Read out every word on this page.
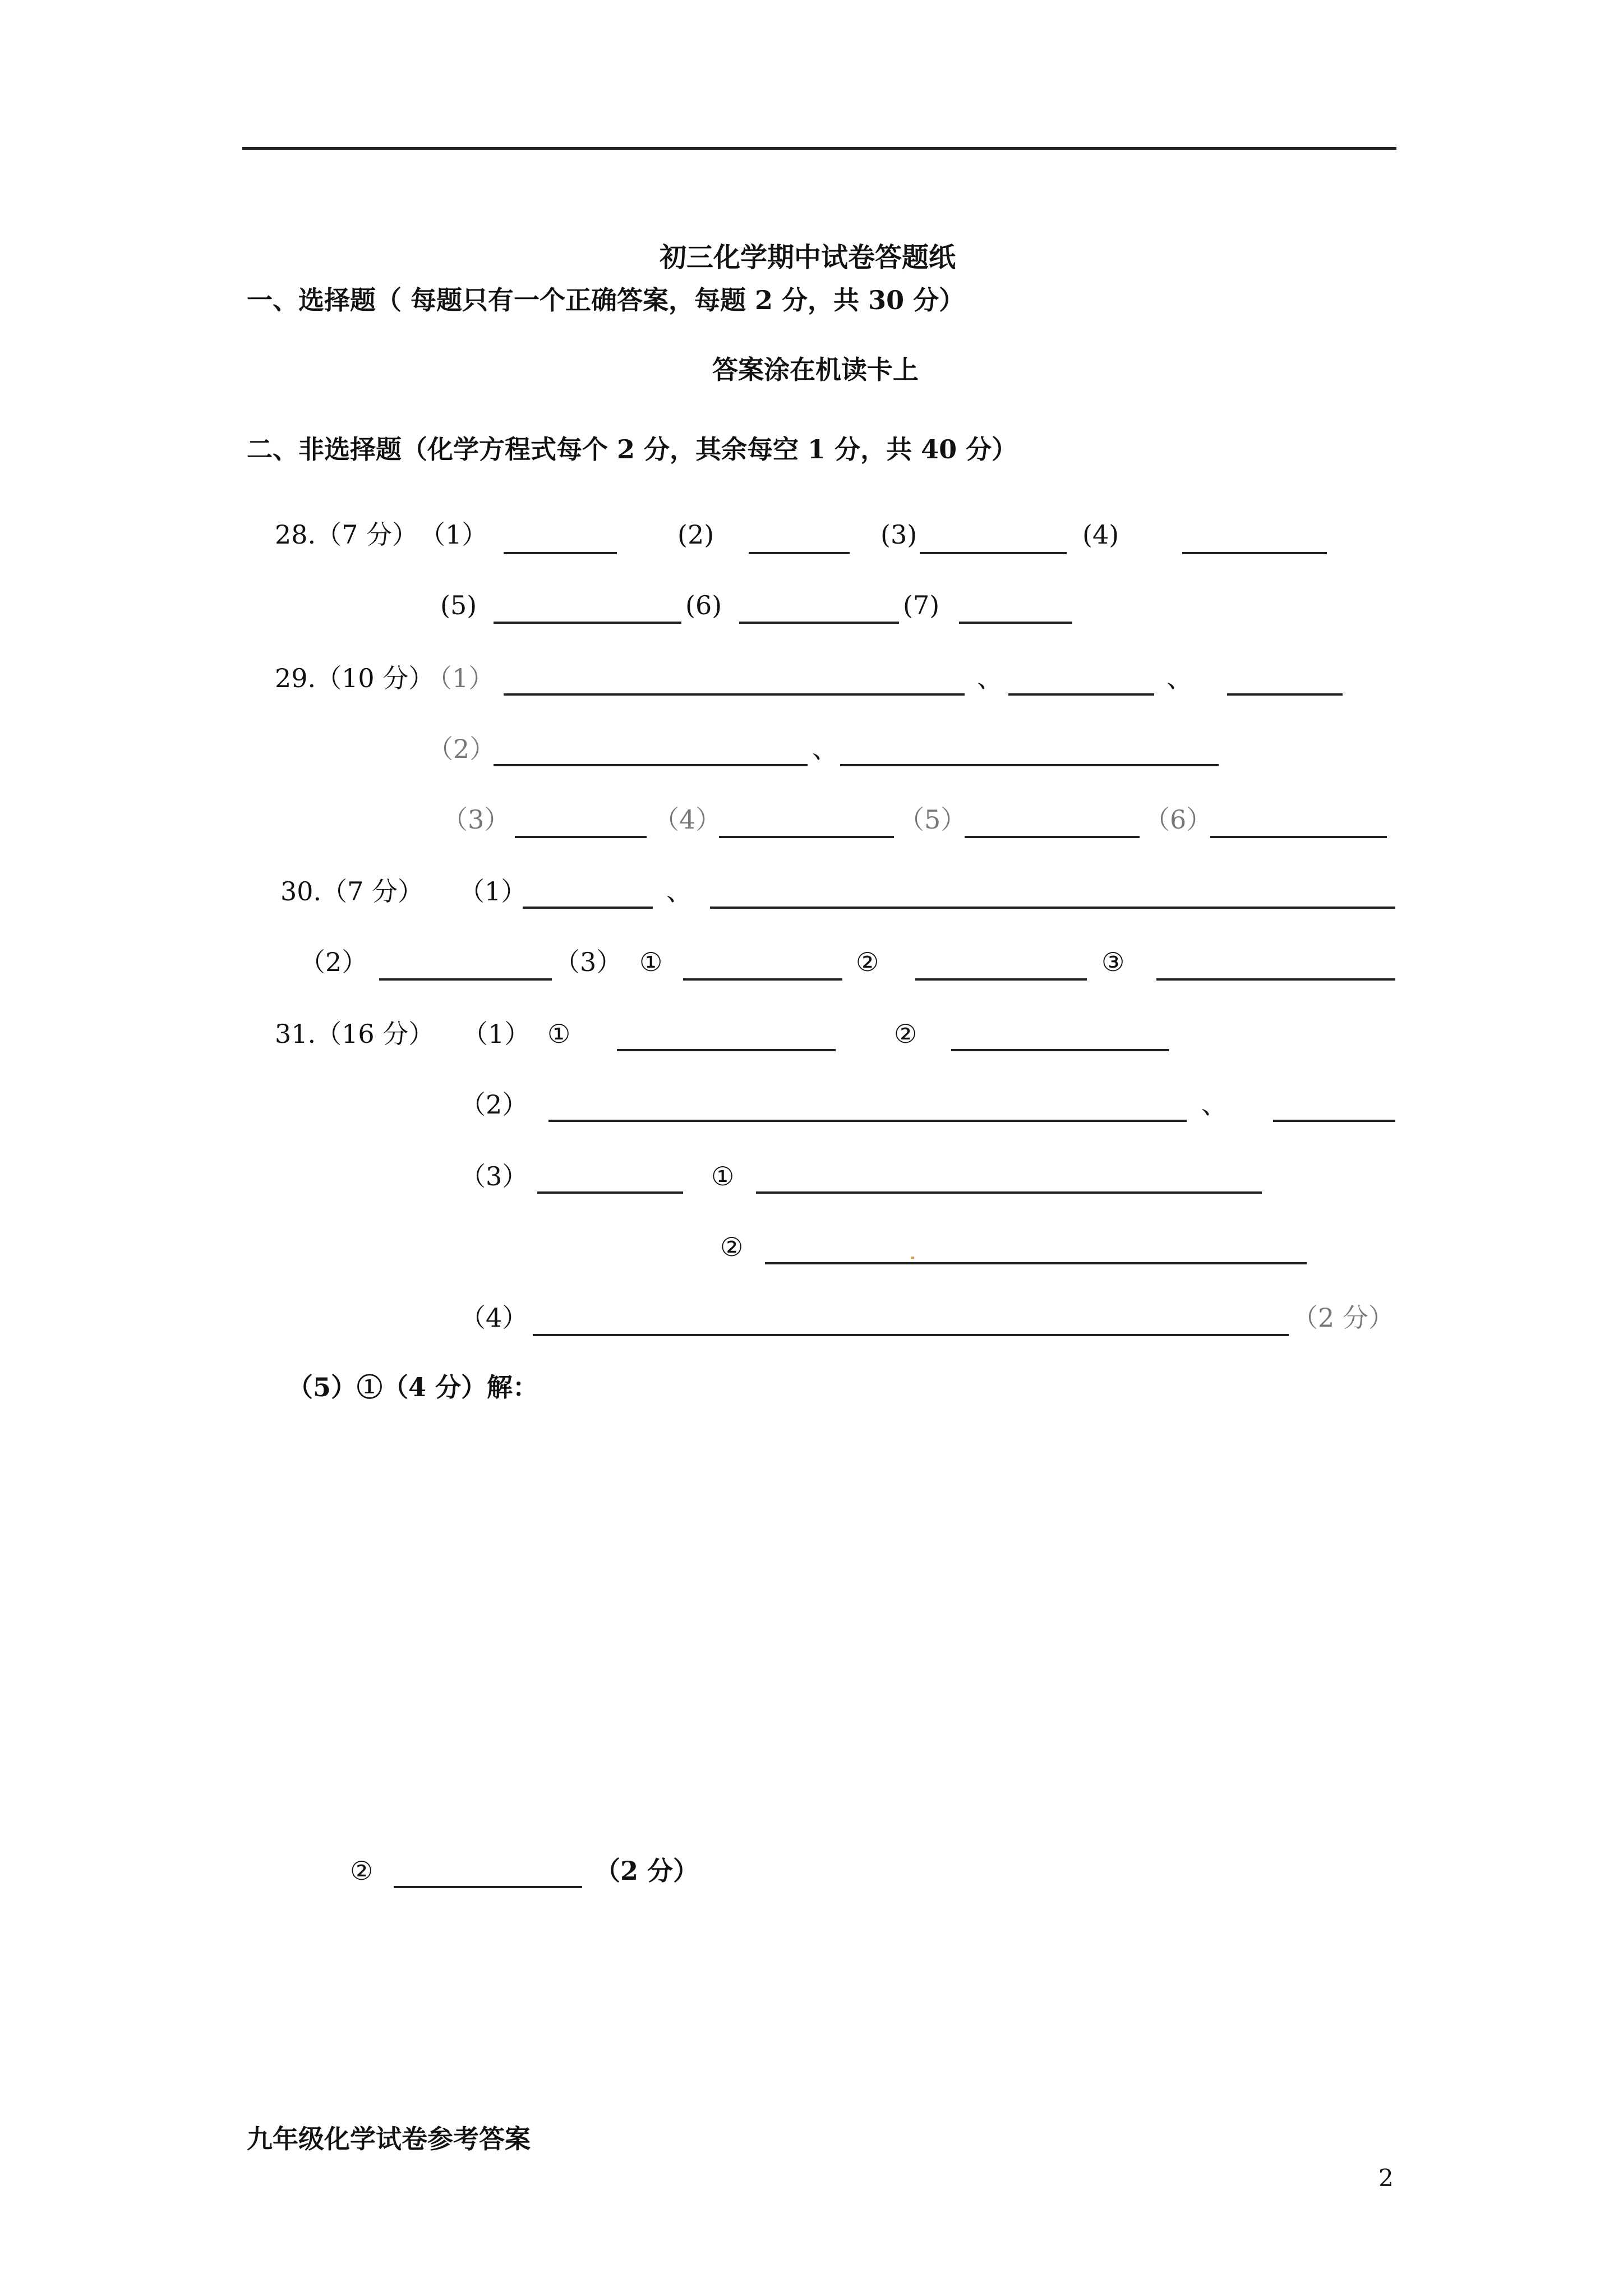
初三化学期中试卷答题纸
一、选择题（ 每题只有一个正确答案，每题 2 分，共 30 分）
答案涂在机读卡上
二、非选择题（化学方程式每个 2 分，其余每空 1 分，共 40 分）
28.（7 分） （1）	(2)	(3)	(4)
(5)	(6)	(7)
29.（10 分）
（1）	、	、
（2）	、
（3）	（4）	（5）	（6）
30.（7 分） （1）	、
（2）	（3） ①	②	③
31.（16 分） （1） ①	②
（2）	、
（3）	①
②
（4）	（2 分）
（5）①（4 分）解：
②	（2 分）
九年级化学试卷参考答案
2
